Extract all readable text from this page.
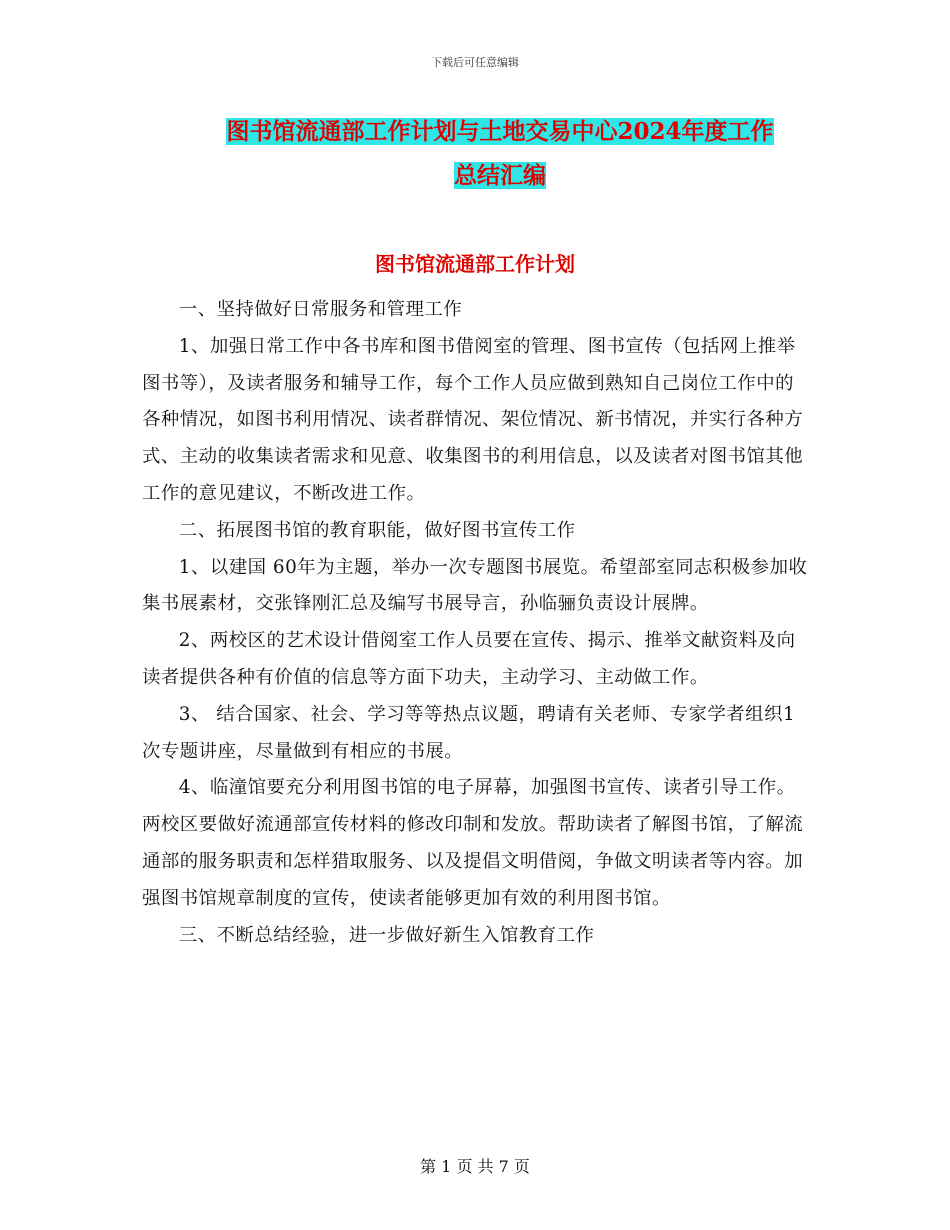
下载后可任意编辑
图书馆流通部工作计划与土地交易中心2024年度工作
总结汇编
图书馆流通部工作计划

一、坚持做好日常服务和管理工作

1、加强日常工作中各书库和图书借阅室的管理、图书宣传（包括网上推举图书等），及读者服务和辅导工作，每个工作人员应做到熟知自己岗位工作中的各种情况，如图书利用情况、读者群情况、架位情况、新书情况，并实行各种方式、主动的收集读者需求和见意、收集图书的利用信息，以及读者对图书馆其他工作的意见建议，不断改进工作。

二、拓展图书馆的教育职能，做好图书宣传工作

1、以建国 60年为主题，举办一次专题图书展览。希望部室同志积极参加收集书展素材，交张锋刚汇总及编写书展导言，孙临骊负责设计展牌。

2、两校区的艺术设计借阅室工作人员要在宣传、揭示、推举文献资料及向读者提供各种有价值的信息等方面下功夫，主动学习、主动做工作。

3、 结合国家、社会、学习等等热点议题，聘请有关老师、专家学者组织1次专题讲座，尽量做到有相应的书展。

4、临潼馆要充分利用图书馆的电子屏幕，加强图书宣传、读者引导工作。两校区要做好流通部宣传材料的修改印制和发放。帮助读者了解图书馆，了解流通部的服务职责和怎样猎取服务、以及提倡文明借阅，争做文明读者等内容。加强图书馆规章制度的宣传，使读者能够更加有效的利用图书馆。

三、不断总结经验，进一步做好新生入馆教育工作

第 1 页 共 7 页
